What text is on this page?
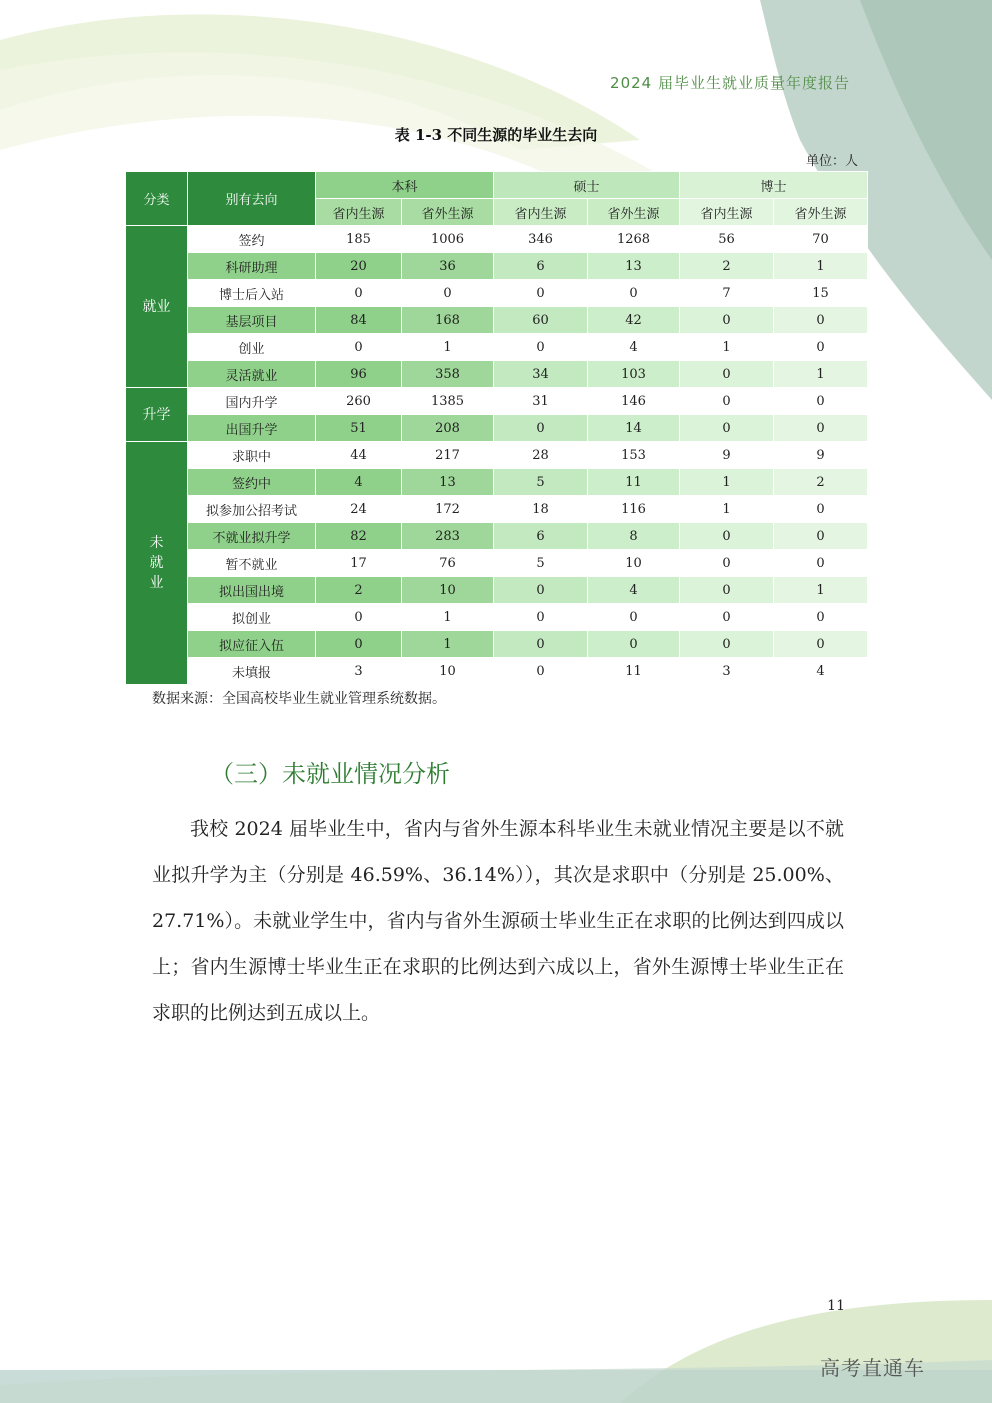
2024 届毕业生就业质量年度报告
表 1-3 不同生源的毕业生去向
单位：人
分类	别有去向	本科		硕士		博士	
		省内生源	省外生源	省内生源	省外生源	省内生源	省外生源
就业	签约	185	1006	346	1268	56	70
	科研助理	20	36	6	13	2	1
	博士后入站	0	0	0	0	7	15
	基层项目	84	168	60	42	0	0
	创业	0	1	0	4	1	0
	灵活就业	96	358	34	103	0	1
升学	国内升学	260	1385	31	146	0	0
	出国升学	51	208	0	14	0	0
未就业	求职中	44	217	28	153	9	9
	签约中	4	13	5	11	1	2
	拟参加公招考试	24	172	18	116	1	0
	不就业拟升学	82	283	6	8	0	0
	暂不就业	17	76	5	10	0	0
	拟出国出境	2	10	0	4	0	1
	拟创业	0	1	0	0	0	0
	拟应征入伍	0	1	0	0	0	0
	未填报	3	10	0	11	3	4
数据来源：全国高校毕业生就业管理系统数据。
（三）未就业情况分析
我校 2024 届毕业生中，省内与省外生源本科毕业生未就业情况主要是以不就业拟升学为主（分别是 46.59%、36.14%）），其次是求职中（分别是 25.00%、27.71%）。未就业学生中，省内与省外生源硕士毕业生正在求职的比例达到四成以上；省内生源博士毕业生正在求职的比例达到六成以上，省外生源博士毕业生正在求职的比例达到五成以上。
11
高考直通车
